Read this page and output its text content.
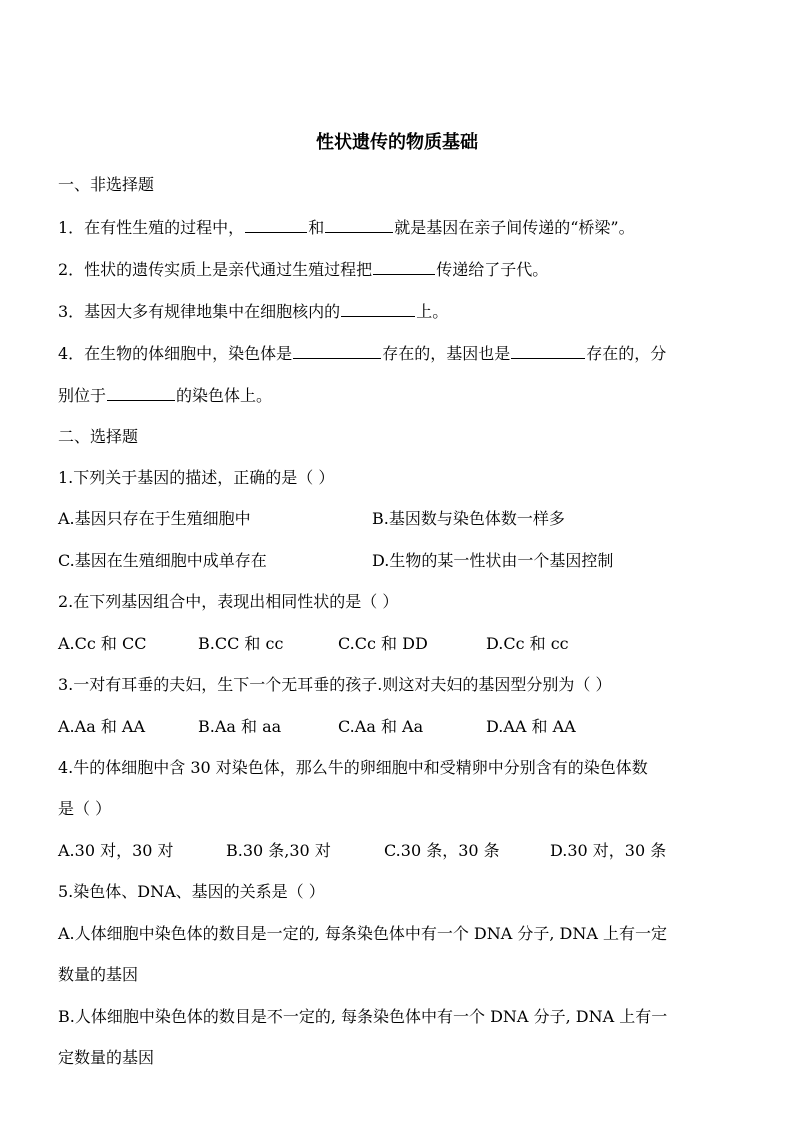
性状遗传的物质基础
一、非选择题
1．在有性生殖的过程中，	和	就是基因在亲子间传递的“桥梁”。
2．性状的遗传实质上是亲代通过生殖过程把	传递给了子代。
3．基因大多有规律地集中在细胞核内的	上。
4．在生物的体细胞中，染色体是	存在的，基因也是	存在的，分
别位于	的染色体上。
二、选择题
1.下列关于基因的描述，正确的是（ ）
A.基因只存在于生殖细胞中	B.基因数与染色体数一样多
C.基因在生殖细胞中成单存在	D.生物的某一性状由一个基因控制
2.在下列基因组合中，表现出相同性状的是（ ）
A.Cc 和 CC	B.CC 和 cc	C.Cc 和 DD	D.Cc 和 cc
3.一对有耳垂的夫妇，生下一个无耳垂的孩子.则这对夫妇的基因型分别为（ ）
A.Aa 和 AA	B.Aa 和 aa	C.Aa 和 Aa	D.AA 和 AA
4.牛的体细胞中含 30 对染色体，那么牛的卵细胞中和受精卵中分别含有的染色体数
是（ ）
A.30 对，30 对	B.30 条,30 对	C.30 条，30 条	D.30 对，30 条
5.染色体、DNA、基因的关系是（ ）
A.人体细胞中染色体的数目是一定的, 每条染色体中有一个 DNA 分子, DNA 上有一定
数量的基因
B.人体细胞中染色体的数目是不一定的, 每条染色体中有一个 DNA 分子, DNA 上有一
定数量的基因
